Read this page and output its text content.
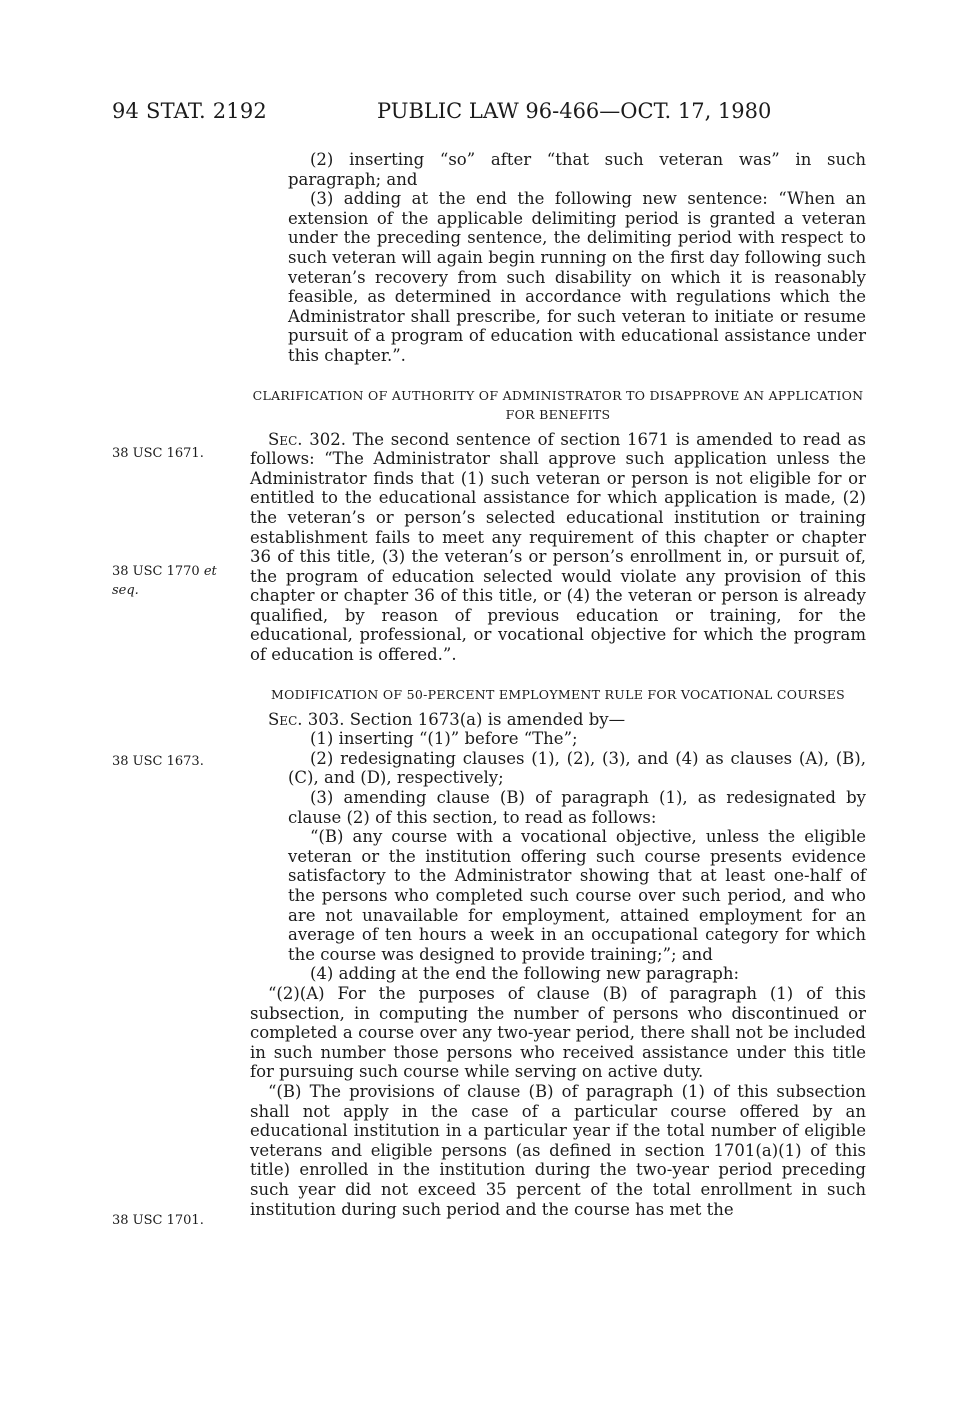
94 STAT. 2192	PUBLIC LAW 96-466—OCT. 17, 1980
38 USC 1671.
38 USC 1770 et
seq.
38 USC 1673.
38 USC 1701.

(2) inserting “so” after “that such veteran was” in such paragraph; and

(3) adding at the end the following new sentence: “When an extension of the applicable delimiting period is granted a veteran under the preceding sentence, the delimiting period with respect to such veteran will again begin running on the first day following such veteran’s recovery from such disability on which it is reasonably feasible, as determined in accordance with regulations which the Administrator shall prescribe, for such veteran to initiate or resume pursuit of a program of education with educational assistance under this chapter.”.

CLARIFICATION OF AUTHORITY OF ADMINISTRATOR TO DISAPPROVE AN APPLICATION FOR BENEFITS

Sec. 302. The second sentence of section 1671 is amended to read as follows: “The Administrator shall approve such application unless the Administrator finds that (1) such veteran or person is not eligible for or entitled to the educational assistance for which application is made, (2) the veteran’s or person’s selected educational institution or training establishment fails to meet any requirement of this chapter or chapter 36 of this title, (3) the veteran’s or person’s enrollment in, or pursuit of, the program of education selected would violate any provision of this chapter or chapter 36 of this title, or (4) the veteran or person is already qualified, by reason of previous education or training, for the educational, professional, or vocational objective for which the program of education is offered.”.

MODIFICATION OF 50-PERCENT EMPLOYMENT RULE FOR VOCATIONAL COURSES

Sec. 303. Section 1673(a) is amended by—

(1) inserting “(1)” before “The”;

(2) redesignating clauses (1), (2), (3), and (4) as clauses (A), (B), (C), and (D), respectively;

(3) amending clause (B) of paragraph (1), as redesignated by clause (2) of this section, to read as follows:

“(B) any course with a vocational objective, unless the eligible veteran or the institution offering such course presents evidence satisfactory to the Administrator showing that at least one-half of the persons who completed such course over such period, and who are not unavailable for employment, attained employment for an average of ten hours a week in an occupational category for which the course was designed to provide training;”; and

(4) adding at the end the following new paragraph:

“(2)(A) For the purposes of clause (B) of paragraph (1) of this subsection, in computing the number of persons who discontinued or completed a course over any two-year period, there shall not be included in such number those persons who received assistance under this title for pursuing such course while serving on active duty.

“(B) The provisions of clause (B) of paragraph (1) of this subsection shall not apply in the case of a particular course offered by an educational institution in a particular year if the total number of eligible veterans and eligible persons (as defined in section 1701(a)(1) of this title) enrolled in the institution during the two-year period preceding such year did not exceed 35 percent of the total enrollment in such institution during such period and the course has met the
